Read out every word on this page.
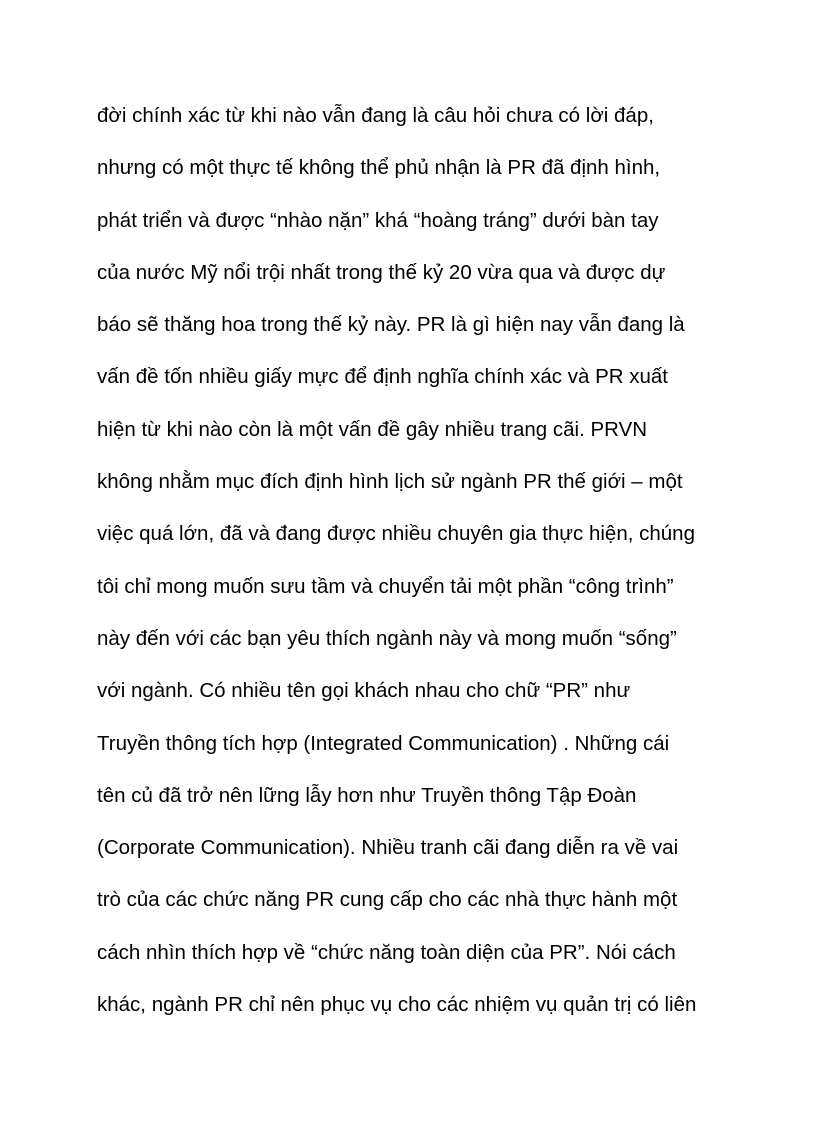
đời chính xác từ khi nào vẫn đang là câu hỏi chưa có lời đáp,
nhưng có một thực tế không thể phủ nhận là PR đã định hình,
phát triển và được “nhào nặn” khá “hoàng tráng” dưới bàn tay
của nước Mỹ nổi trội nhất trong thế kỷ 20 vừa qua và được dự
báo sẽ thăng hoa trong thế kỷ này. PR là gì hiện nay vẫn đang là
vấn đề tốn nhiều giấy mực để định nghĩa chính xác và PR xuất
hiện từ khi nào còn là một vấn đề gây nhiều trang cãi. PRVN
không nhằm mục đích định hình lịch sử ngành PR thế giới – một
việc quá lớn, đã và đang được nhiều chuyên gia thực hiện, chúng
tôi chỉ mong muốn sưu tầm và chuyển tải một phần “công trình”
này đến với các bạn yêu thích ngành này và mong muốn “sống”
với ngành. Có nhiều tên gọi khách nhau cho chữ “PR” như
Truyền thông tích hợp (Integrated Communication) . Những cái
tên củ đã trở nên lững lẫy hơn như Truyền thông Tập Đoàn
(Corporate Communication). Nhiều tranh cãi đang diễn ra về vai
trò của các chức năng PR cung cấp cho các nhà thực hành một
cách nhìn thích hợp về “chức năng toàn diện của PR”. Nói cách
khác, ngành PR chỉ nên phục vụ cho các nhiệm vụ quản trị có liên
